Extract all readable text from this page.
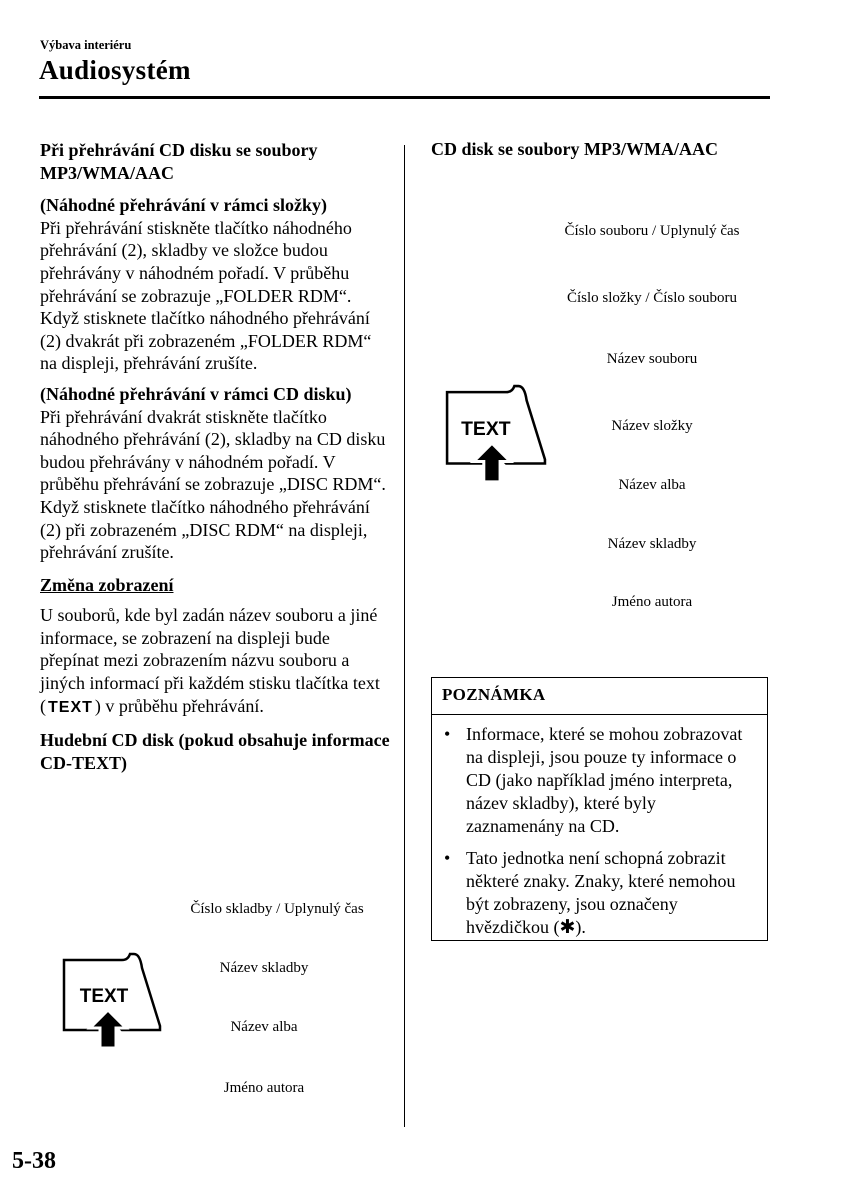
Výbava interiéru
Audiosystém

Při přehrávání CD disku se soubory MP3/WMA/AAC

(Náhodné přehrávání v rámci složky)

Při přehrávání stiskněte tlačítko náhodného přehrávání (2), skladby ve složce budou přehrávány v náhodném pořadí. V průběhu přehrávání se zobrazuje „FOLDER RDM“.

Když stisknete tlačítko náhodného přehrávání (2) dvakrát při zobrazeném „FOLDER RDM“ na displeji, přehrávání zrušíte.

(Náhodné přehrávání v rámci CD disku)

Při přehrávání dvakrát stiskněte tlačítko náhodného přehrávání (2), skladby na CD disku budou přehrávány v náhodném pořadí. V průběhu přehrávání se zobrazuje „DISC RDM“.

Když stisknete tlačítko náhodného přehrávání (2) při zobrazeném „DISC RDM“ na displeji, přehrávání zrušíte.

Změna zobrazení

U souborů, kde byl zadán název souboru a jiné informace, se zobrazení na displeji bude přepínat mezi zobrazením názvu souboru a jiných informací při každém stisku tlačítka text ( TEXT ) v průběhu přehrávání.

Hudební CD disk (pokud obsahuje informace CD-TEXT)

Číslo skladby / Uplynulý čas
Název skladby
Název alba
Jméno autora
TEXT
CD disk se soubory MP3/WMA/AAC
Číslo souboru / Uplynulý čas
Číslo složky / Číslo souboru
Název souboru
Název složky
Název alba
Název skladby
Jméno autora
TEXT
POZNÁMKA
• Informace, které se mohou zobrazovat na displeji, jsou pouze ty informace o CD (jako například jméno interpreta, název skladby), které byly zaznamenány na CD.
• Tato jednotka není schopná zobrazit některé znaky. Znaky, které nemohou být zobrazeny, jsou označeny hvězdičkou (✱).
5-38
